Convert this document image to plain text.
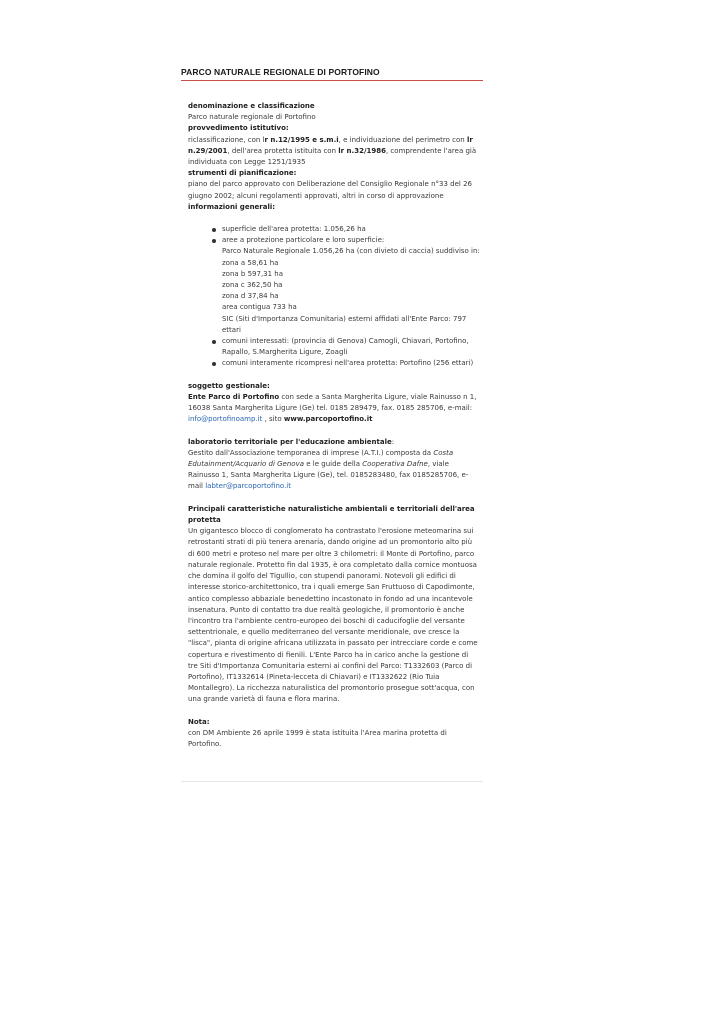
PARCO NATURALE REGIONALE DI PORTOFINO

denominazione e classificazione

Parco naturale regionale di Portofino

provvedimento istitutivo:

riclassificazione, con lr n.12/1995 e s.m.i, e individuazione del perimetro con lr n.29/2001, dell'area protetta istituita con lr n.32/1986, comprendente l'area già individuata con Legge 1251/1935

strumenti di pianificazione:

piano del parco approvato con Deliberazione del Consiglio Regionale n°33 del 26 giugno 2002; alcuni regolamenti approvati, altri in corso di approvazione

informazioni generali:

superficie dell'area protetta: 1.056,26 ha
aree a protezione particolare e loro superficie:
Parco Naturale Regionale 1.056,26 ha (con divieto di caccia) suddiviso in:
zona a 58,61 ha
zona b 597,31 ha
zona c 362,50 ha
zona d 37,84 ha
area contigua 733 ha
SIC (Siti d'Importanza Comunitaria) esterni affidati all'Ente Parco: 797 ettari
comuni interessati: (provincia di Genova) Camogli, Chiavari, Portofino, Rapallo, S.Margherita Ligure, Zoagli
comuni interamente ricompresi nell'area protetta: Portofino (256 ettari)

soggetto gestionale:

Ente Parco di Portofino con sede a Santa Margherita Ligure, viale Rainusso n 1, 16038 Santa Margherita Ligure (Ge) tel. 0185 289479, fax. 0185 285706, e-mail: info@portofinoamp.it , sito www.parcoportofino.it

laboratorio territoriale per l'educazione ambientale:

Gestito dall'Associazione temporanea di imprese (A.T.I.) composta da Costa Edutainment/Acquario di Genova e le guide della Cooperativa Dafne, viale Rainusso 1, Santa Margherita Ligure (Ge), tel. 0185283480, fax 0185285706, e-mail labter@parcoportofino.it

Principali caratteristiche naturalistiche ambientali e territoriali dell'area protetta

Un gigantesco blocco di conglomerato ha contrastato l'erosione meteomarina sui retrostanti strati di più tenera arenaria, dando origine ad un promontorio alto più di 600 metri e proteso nel mare per oltre 3 chilometri: il Monte di Portofino, parco naturale regionale. Protetto fin dal 1935, è ora completato dalla cornice montuosa che domina il golfo del Tigullio, con stupendi panorami. Notevoli gli edifici di interesse storico-architettonico, tra i quali emerge San Fruttuoso di Capodimonte, antico complesso abbaziale benedettino incastonato in fondo ad una incantevole insenatura. Punto di contatto tra due realtà geologiche, il promontorio è anche l'incontro tra l'ambiente centro-europeo dei boschi di caducifoglie del versante settentrionale, e quello mediterraneo del versante meridionale, ove cresce la "lisca", pianta di origine africana utilizzata in passato per intrecciare corde e come copertura e rivestimento di fienili. L'Ente Parco ha in carico anche la gestione di tre Siti d'Importanza Comunitaria esterni ai confini del Parco: T1332603 (Parco di Portofino), IT1332614 (Pineta-lecceta di Chiavari) e IT1332622 (Rio Tuia Montallegro). La ricchezza naturalistica del promontorio prosegue sott'acqua, con una grande varietà di fauna e flora marina.

Nota:

con DM Ambiente 26 aprile 1999 è stata istituita l'Area marina protetta di Portofino.
